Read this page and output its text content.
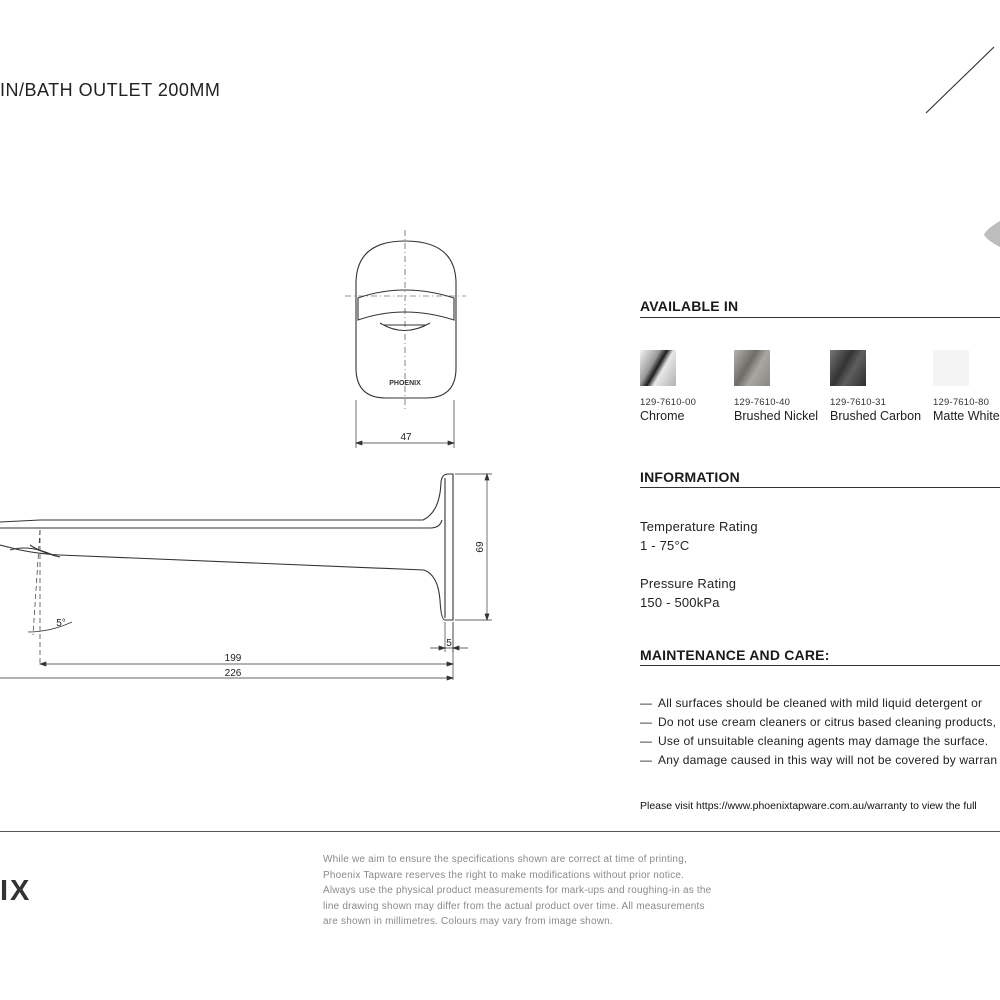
IN/BATH OUTLET 200MM
PHOENIX
47
69
5
5°
199
226
AVAILABLE IN
129-7610-00
Chrome
129-7610-40
Brushed Nickel
129-7610-31
Brushed Carbon
129-7610-80
Matte White
INFORMATION
Temperature Rating
1 - 75°C
Pressure Rating
150 - 500kPa
MAINTENANCE AND CARE:
— All surfaces should be cleaned with mild liquid detergent or
— Do not use cream cleaners or citrus based cleaning products,
— Use of unsuitable cleaning agents may damage the surface.
— Any damage caused in this way will not be covered by warran
Please visit https://www.phoenixtapware.com.au/warranty to view the full
IX
While we aim to ensure the specifications shown are correct at time of printing,
Phoenix Tapware reserves the right to make modifications without prior notice.
Always use the physical product measurements for mark-ups and roughing-in as the
line drawing shown may differ from the actual product over time. All measurements
are shown in millimetres. Colours may vary from image shown.
